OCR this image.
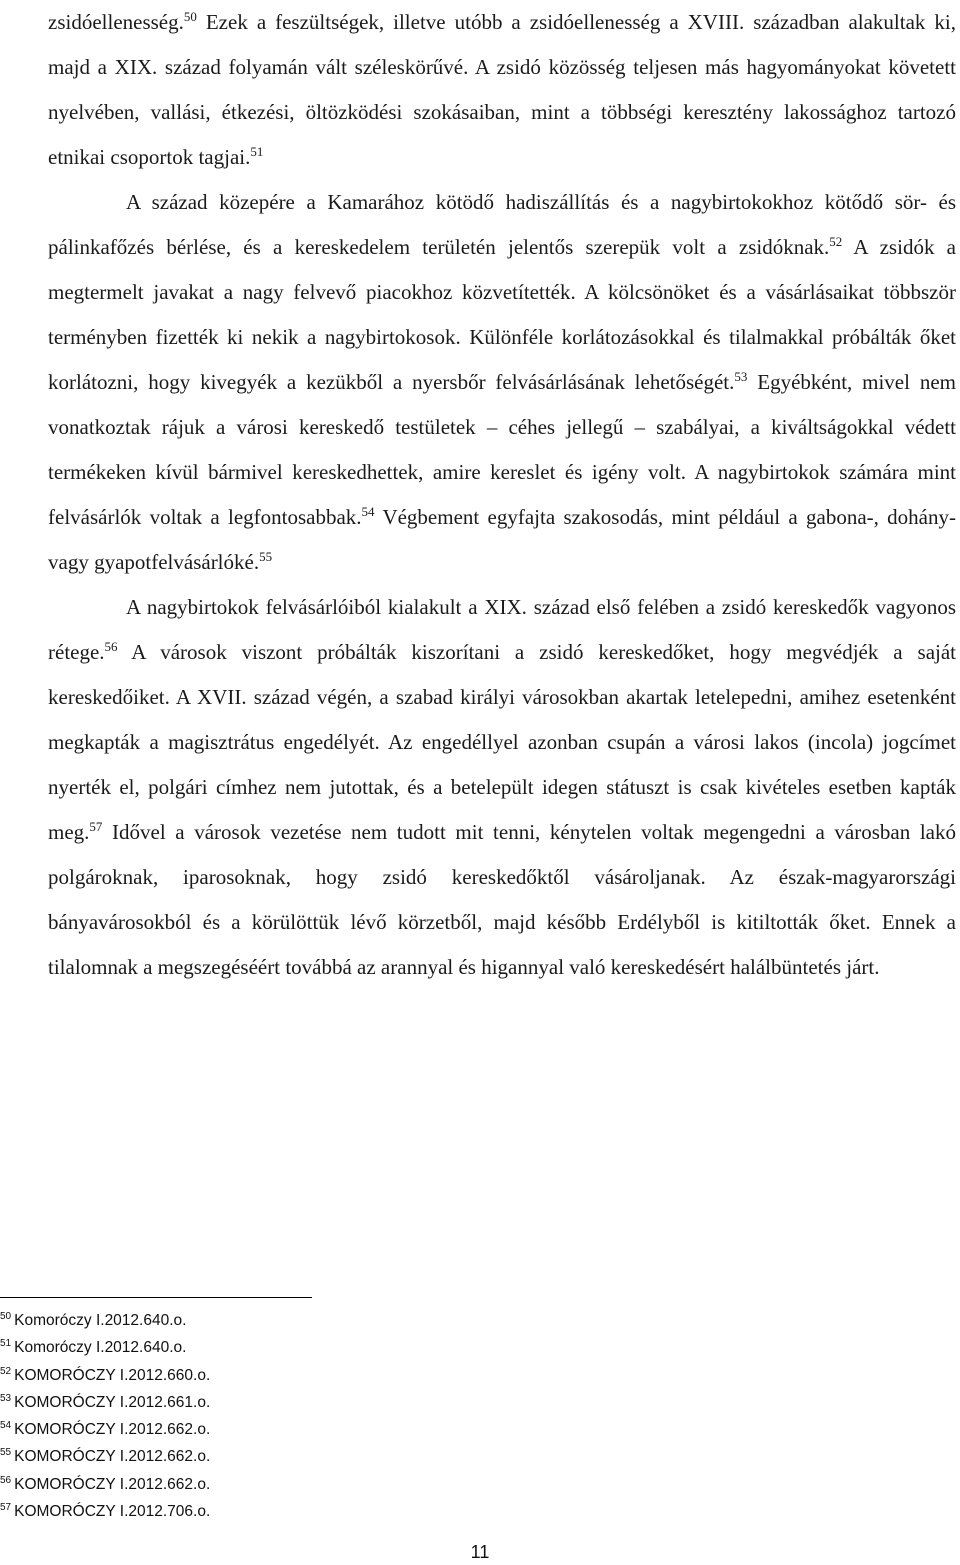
zsidóellenesség.$^{50}$ Ezek a feszültségek, illetve utóbb a zsidóellenesség a XVIII. században alakultak ki, majd a XIX. század folyamán vált széleskörűvé. A zsidó közösség teljesen más hagyományokat követett nyelvében, vallási, étkezési, öltözködési szokásaiban, mint a többségi keresztény lakossághoz tartozó etnikai csoportok tagjai.$^{51}$

A század közepére a Kamarához kötödő hadiszállítás és a nagybirtokokhoz kötődő sör- és pálinkafőzés bérlése, és a kereskedelem területén jelentős szerepük volt a zsidóknak.$^{52}$ A zsidók a megtermelt javakat a nagy felvevő piacokhoz közvetítették. A kölcsönöket és a vásárlásaikat többször terményben fizették ki nekik a nagybirtokosok. Különféle korlátozásokkal és tilalmakkal próbálták őket korlátozni, hogy kivegyék a kezükből a nyersbőr felvásárlásának lehetőségét.$^{53}$ Egyébként, mivel nem vonatkoztak rájuk a városi kereskedő testületek – céhes jellegű – szabályai, a kiváltságokkal védett termékeken kívül bármivel kereskedhettek, amire kereslet és igény volt. A nagybirtokok számára mint felvásárlók voltak a legfontosabbak.$^{54}$ Végbement egyfajta szakosodás, mint például a gabona-, dohány- vagy gyapotfelvásárlóké.$^{55}$

A nagybirtokok felvásárlóiból kialakult a XIX. század első felében a zsidó kereskedők vagyonos rétege.$^{56}$ A városok viszont próbálták kiszorítani a zsidó kereskedőket, hogy megvédjék a saját kereskedőiket. A XVII. század végén, a szabad királyi városokban akartak letelepedni, amihez esetenként megkapták a magisztrátus engedélyét. Az engedéllyel azonban csupán a városi lakos (incola) jogcímet nyerték el, polgári címhez nem jutottak, és a betelepült idegen státuszt is csak kivételes esetben kapták meg.$^{57}$ Idővel a városok vezetése nem tudott mit tenni, kénytelen voltak megengedni a városban lakó polgároknak, iparosoknak, hogy zsidó kereskedőktől vásároljanak. Az észak-magyarországi bányavárosokból és a körülöttük lévő körzetből, majd később Erdélyből is kitiltották őket. Ennek a tilalomnak a megszegéséért továbbá az arannyal és higannyal való kereskedésért halálbüntetés járt.

$^{50}$ Komoróczy I.2012.640.o.
$^{51}$ Komoróczy I.2012.640.o.
$^{52}$ KOMORÓCZY I.2012.660.o.
$^{53}$ KOMORÓCZY I.2012.661.o.
$^{54}$ KOMORÓCZY I.2012.662.o.
$^{55}$ KOMORÓCZY I.2012.662.o.
$^{56}$ KOMORÓCZY I.2012.662.o.
$^{57}$ KOMORÓCZY I.2012.706.o.
11
